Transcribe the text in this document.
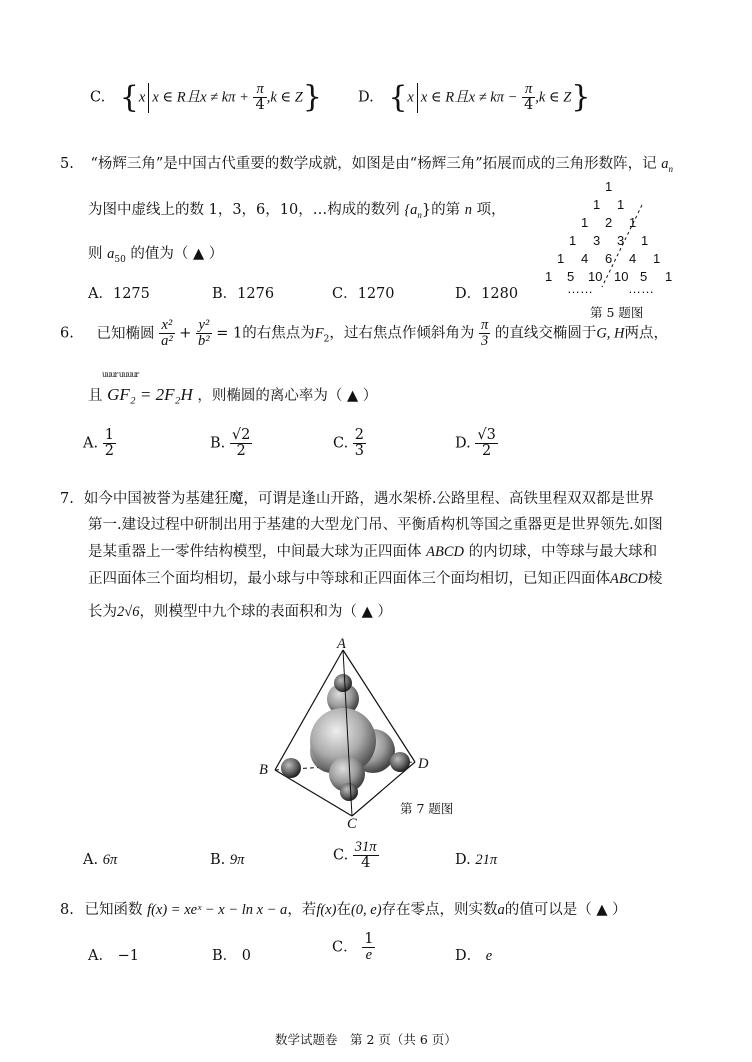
C. {x x ∈ R且$x \ne k\pi + \frac{\pi}{4} ,k$ ∈ Z} D. {x x ∈ R且$x \ne k\pi - \frac{\pi}{4} ,k$ ∈ Z}
5. “杨辉三角”是中国古代重要的数学成就，如图是由“杨辉三角”拓展而成的三角形数阵，记 $a_n$
为图中虚线上的数 1，3，6，10，…构成的数列 $\{a_n\}$的第 n 项，
则 $a_{50}$ 的值为（ ▲ ）
A．1275	B．1276	C．1270	D．1280
1
1 1
1 2 1
1 3 3 1
1 4 6 4 1
1 5 10 10 5 1
……	……
第 5 题图
6. 已知椭圆 $\frac{\text{x²}}{\text{a²}} + \frac{\text{y²}}{\text{b²}} = 1$的右焦点为$F_2$，过右焦点作倾斜角为 $\frac{\pi}{3}$ 的直线交椭圆于G, H两点，
uuur uuuur
且 GF₂ = 2F₂H ，则椭圆的离心率为（ ▲ ）
A. $\frac{1}{2}$	B. $\frac{√2}{2}$	C. $\frac{2}{3}$	D. $\frac{√3}{2}$
7. 如今中国被誉为基建狂魔，可谓是逢山开路，遇水架桥.公路里程、高铁里程双双都是世界
第一.建设过程中研制出用于基建的大型龙门吊、平衡盾构机等国之重器更是世界领先.如图
是某重器上一零件结构模型，中间最大球为正四面体 ABCD 的内切球，中等球与最大球和
正四面体三个面均相切，最小球与中等球和正四面体三个面均相切，已知正四面体ABCD棱
长为2√6，则模型中九个球的表面积和为（ ▲ ）
A
B
C
D
第 7 题图
A. 6π	B. 9π	C. $\frac{31\pi}{4}$	D. 21π
8. 已知函数 f(x) = xeˣ − x − ln x − a，若f(x)在(0, e)存在零点，则实数a的值可以是（ ▲ ）
A． −1	B． 0
C． $\frac{1}{e}$	D． e
数学试题卷　第 2 页（共 6 页）
